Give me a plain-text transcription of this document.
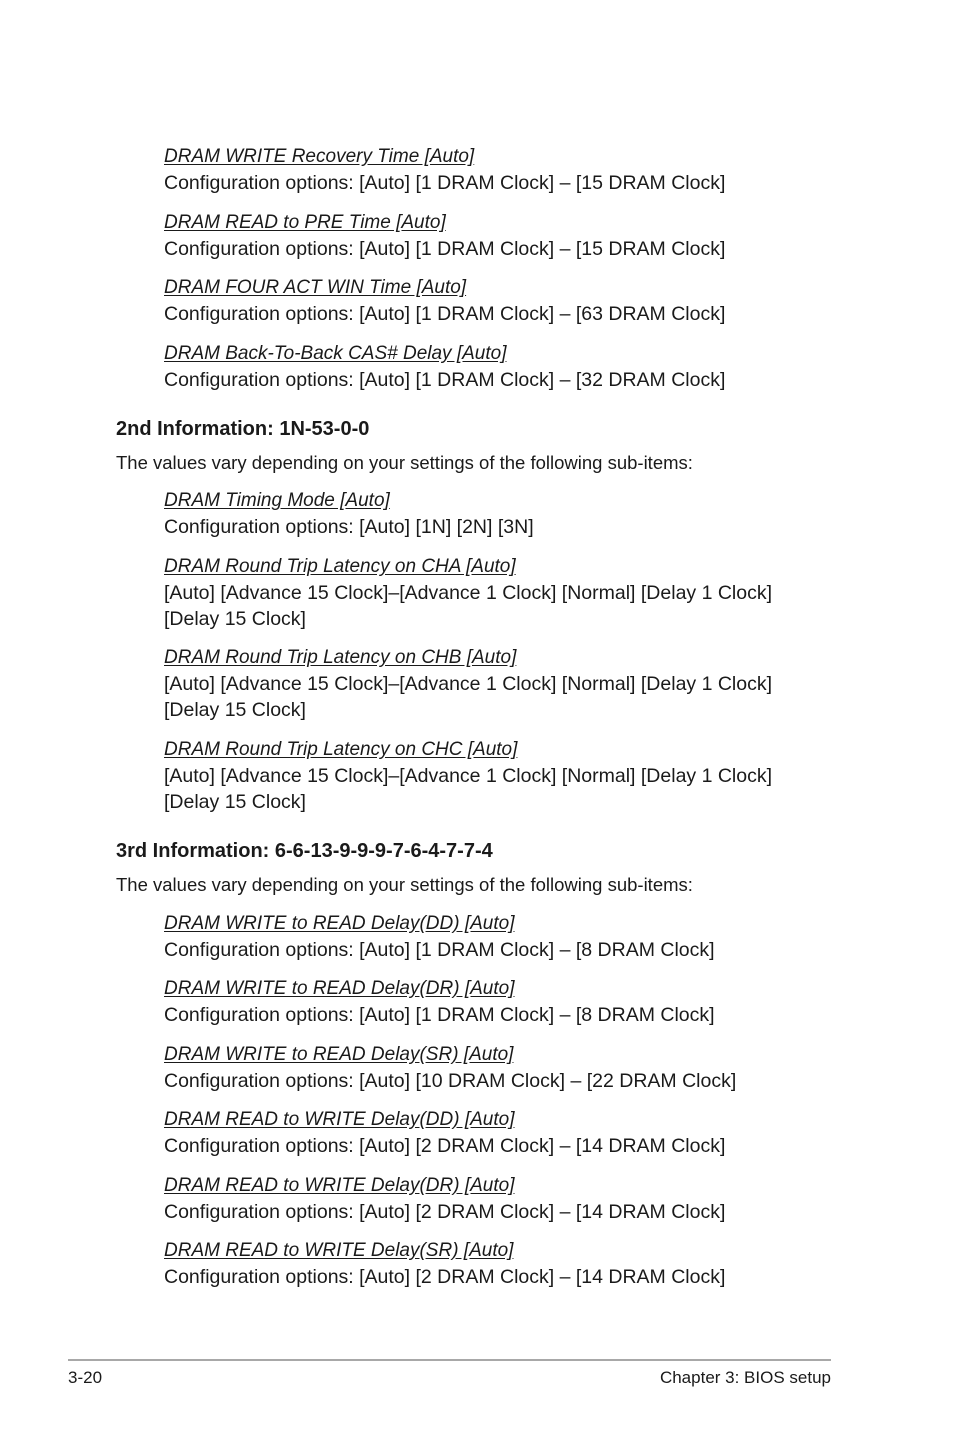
DRAM WRITE Recovery Time [Auto]
Configuration options: [Auto] [1 DRAM Clock] – [15 DRAM Clock]
DRAM READ to PRE Time [Auto]
Configuration options: [Auto] [1 DRAM Clock] – [15 DRAM Clock]
DRAM FOUR ACT WIN Time [Auto]
Configuration options: [Auto] [1 DRAM Clock] – [63 DRAM Clock]
DRAM Back-To-Back CAS# Delay [Auto]
Configuration options: [Auto] [1 DRAM Clock] – [32 DRAM Clock]
2nd Information: 1N-53-0-0
The values vary depending on your settings of the following sub-items:
DRAM Timing Mode [Auto]
Configuration options: [Auto] [1N] [2N] [3N]
DRAM Round Trip Latency on CHA [Auto]
[Auto] [Advance 15 Clock]–[Advance 1 Clock] [Normal] [Delay 1 Clock]
[Delay 15 Clock]
DRAM Round Trip Latency on CHB [Auto]
[Auto] [Advance 15 Clock]–[Advance 1 Clock] [Normal] [Delay 1 Clock]
[Delay 15 Clock]
DRAM Round Trip Latency on CHC [Auto]
[Auto] [Advance 15 Clock]–[Advance 1 Clock] [Normal] [Delay 1 Clock]
[Delay 15 Clock]
3rd Information: 6-6-13-9-9-9-7-6-4-7-7-4
The values vary depending on your settings of the following sub-items:
DRAM WRITE to READ Delay(DD) [Auto]
Configuration options: [Auto] [1 DRAM Clock] – [8 DRAM Clock]
DRAM WRITE to READ Delay(DR) [Auto]
Configuration options: [Auto] [1 DRAM Clock] – [8 DRAM Clock]
DRAM WRITE to READ Delay(SR) [Auto]
Configuration options: [Auto] [10 DRAM Clock] – [22 DRAM Clock]
DRAM READ to WRITE Delay(DD) [Auto]
Configuration options: [Auto] [2 DRAM Clock] – [14 DRAM Clock]
DRAM READ to WRITE Delay(DR) [Auto]
Configuration options: [Auto] [2 DRAM Clock] – [14 DRAM Clock]
DRAM READ to WRITE Delay(SR) [Auto]
Configuration options: [Auto] [2 DRAM Clock] – [14 DRAM Clock]
3-20	Chapter 3: BIOS setup
